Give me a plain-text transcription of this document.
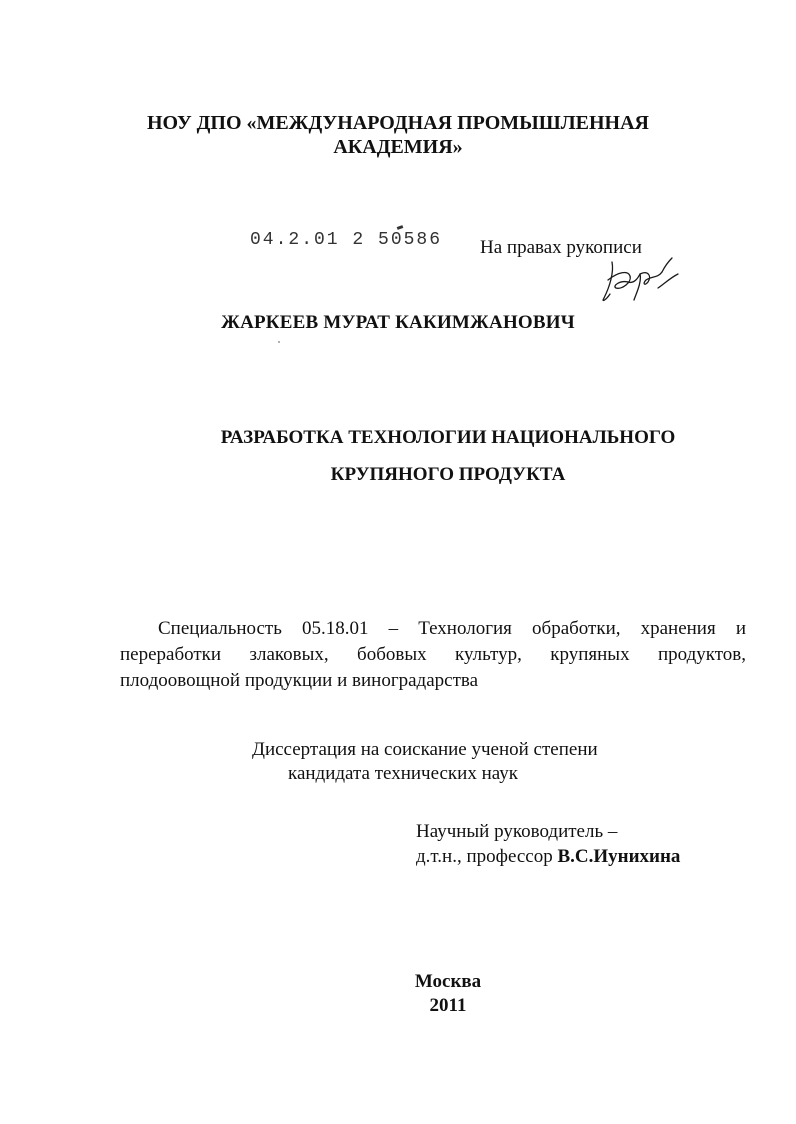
НОУ ДПО «МЕЖДУНАРОДНАЯ ПРОМЫШЛЕННАЯ
АКАДЕМИЯ»
04.2.01 2 50586 На правах рукописи
ЖАРКЕЕВ МУРАТ КАКИМЖАНОВИЧ
РАЗРАБОТКА ТЕХНОЛОГИИ НАЦИОНАЛЬНОГО
КРУПЯНОГО ПРОДУКТА
Специальность 05.18.01 – Технология обработки, хранения и переработки злаковых, бобовых культур, крупяных продуктов, плодоовощной продукции и виноградарства
Диссертация на соискание ученой степени
кандидата технических наук
Научный руководитель –
д.т.н., профессор В.С.Иунихина
Москва
2011
